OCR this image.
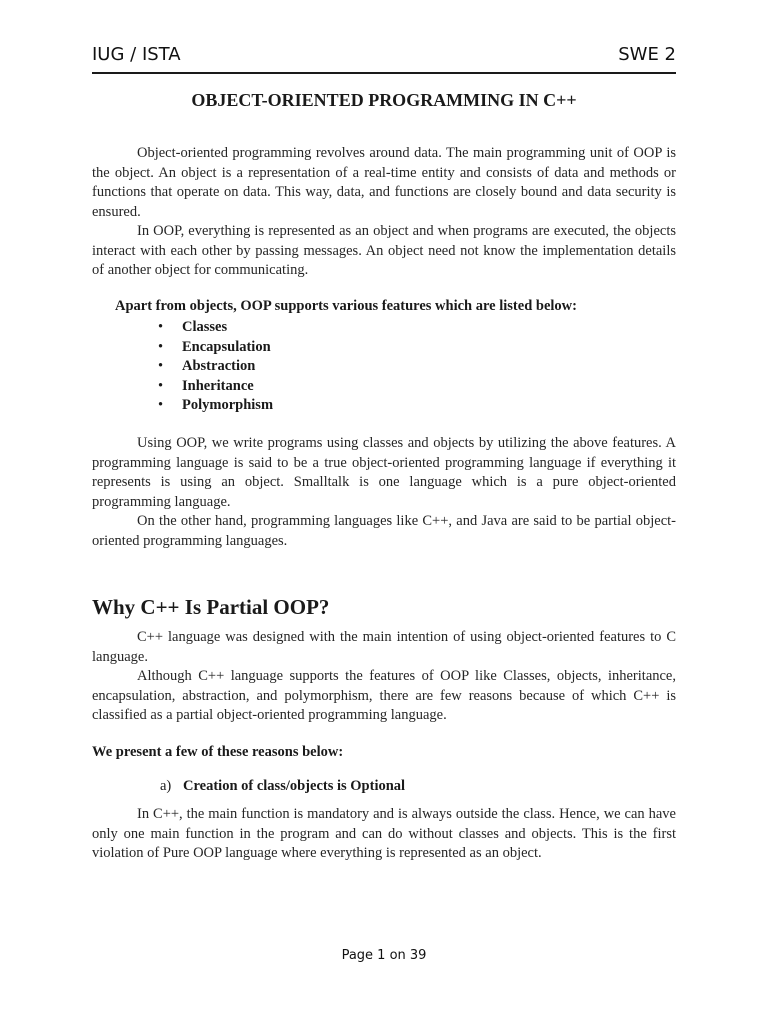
IUG / ISTA	SWE 2
OBJECT-ORIENTED PROGRAMMING IN C++

Object-oriented programming revolves around data. The main programming unit of OOP is the object. An object is a representation of a real-time entity and consists of data and methods or functions that operate on data. This way, data, and functions are closely bound and data security is ensured.

In OOP, everything is represented as an object and when programs are executed, the objects interact with each other by passing messages. An object need not know the implementation details of another object for communicating.

Apart from objects, OOP supports various features which are listed below:
• Classes
• Encapsulation
• Abstraction
• Inheritance
• Polymorphism

Using OOP, we write programs using classes and objects by utilizing the above features. A programming language is said to be a true object-oriented programming language if everything it represents is using an object. Smalltalk is one language which is a pure object-oriented programming language.

On the other hand, programming languages like C++, and Java are said to be partial object-oriented programming languages.

Why C++ Is Partial OOP?

C++ language was designed with the main intention of using object-oriented features to C language.

Although C++ language supports the features of OOP like Classes, objects, inheritance, encapsulation, abstraction, and polymorphism, there are few reasons because of which C++ is classified as a partial object-oriented programming language.

We present a few of these reasons below:
a) Creation of class/objects is Optional

In C++, the main function is mandatory and is always outside the class. Hence, we can have only one main function in the program and can do without classes and objects. This is the first violation of Pure OOP language where everything is represented as an object.

Page 1 on 39
